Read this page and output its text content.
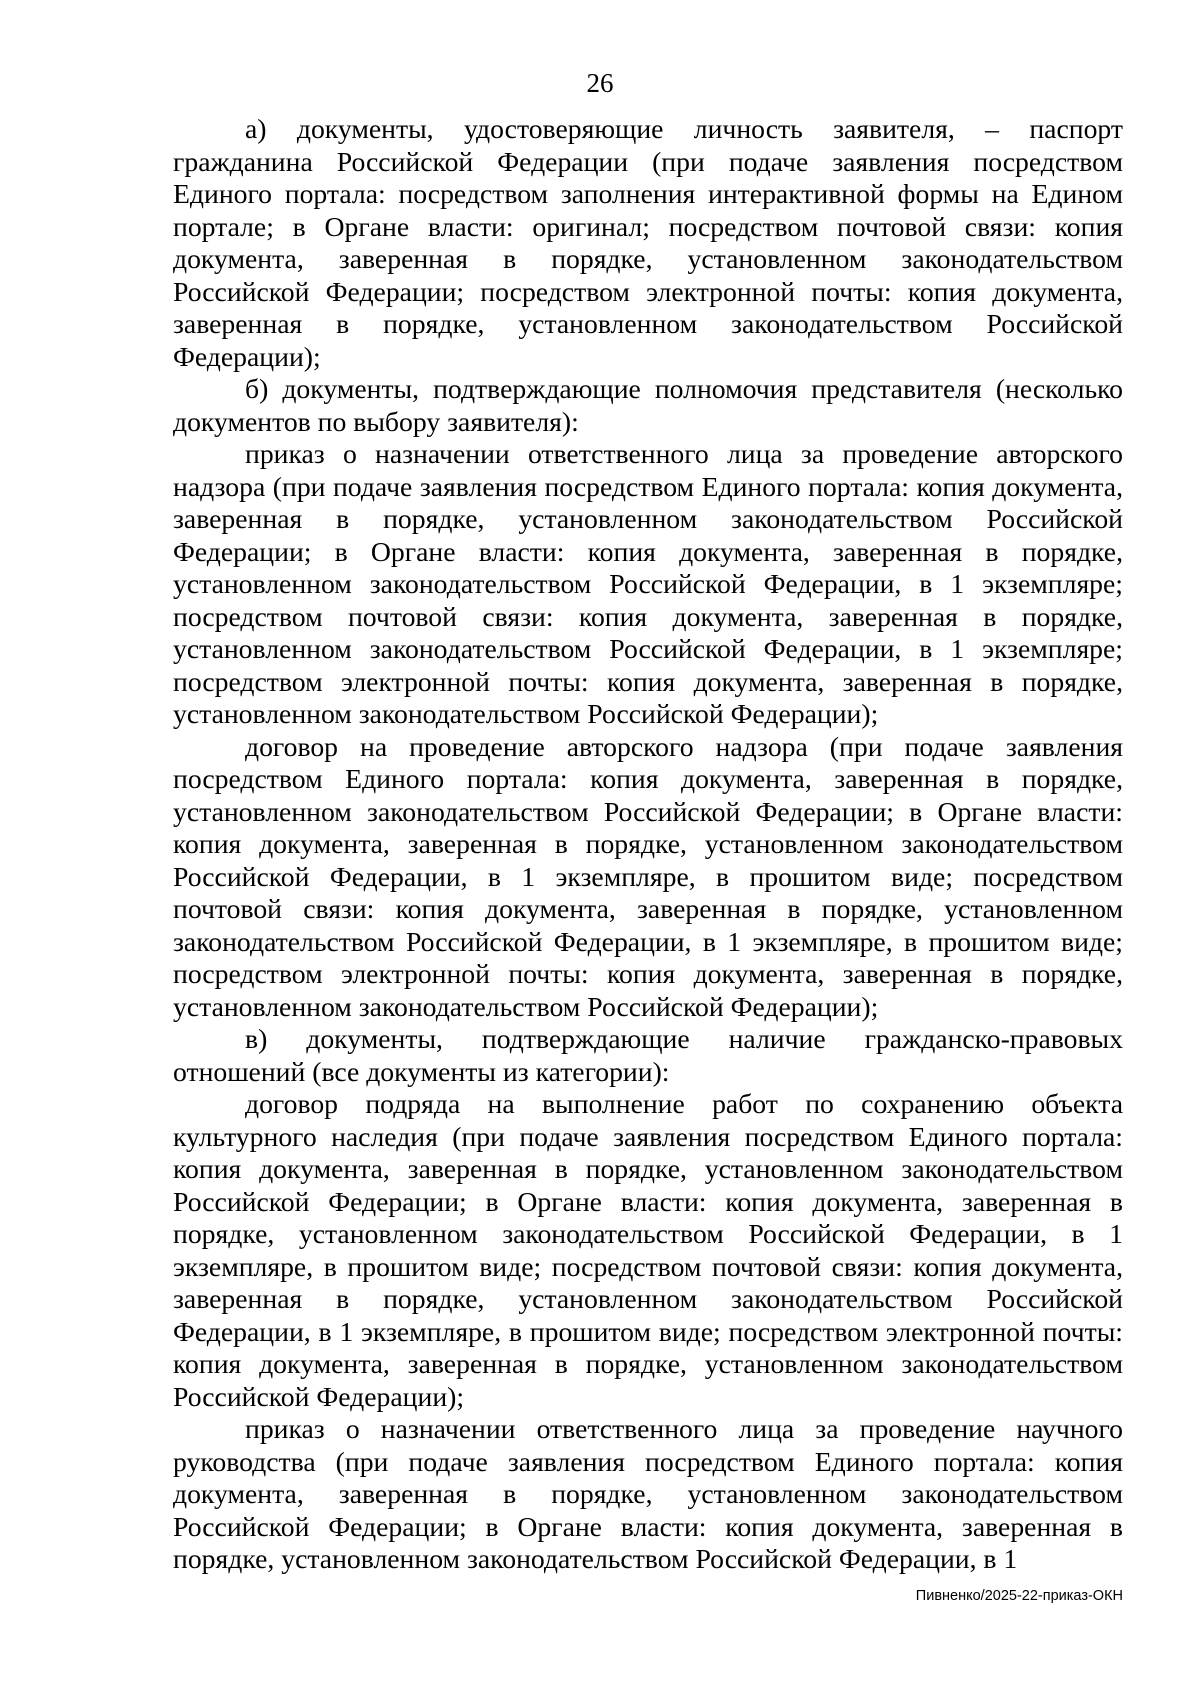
26

а) документы, удостоверяющие личность заявителя, – паспорт гражданина Российской Федерации (при подаче заявления посредством Единого портала: посредством заполнения интерактивной формы на Едином портале; в Органе власти: оригинал; посредством почтовой связи: копия документа, заверенная в порядке, установленном законодательством Российской Федерации; посредством электронной почты: копия документа, заверенная в порядке, установленном законодательством Российской Федерации);

б) документы, подтверждающие полномочия представителя (несколько документов по выбору заявителя):

приказ о назначении ответственного лица за проведение авторского надзора (при подаче заявления посредством Единого портала: копия документа, заверенная в порядке, установленном законодательством Российской Федерации; в Органе власти: копия документа, заверенная в порядке, установленном законодательством Российской Федерации, в 1 экземпляре; посредством почтовой связи: копия документа, заверенная в порядке, установленном законодательством Российской Федерации, в 1 экземпляре; посредством электронной почты: копия документа, заверенная в порядке, установленном законодательством Российской Федерации);

договор на проведение авторского надзора (при подаче заявления посредством Единого портала: копия документа, заверенная в порядке, установленном законодательством Российской Федерации; в Органе власти: копия документа, заверенная в порядке, установленном законодательством Российской Федерации, в 1 экземпляре, в прошитом виде; посредством почтовой связи: копия документа, заверенная в порядке, установленном законодательством Российской Федерации, в 1 экземпляре, в прошитом виде; посредством электронной почты: копия документа, заверенная в порядке, установленном законодательством Российской Федерации);

в) документы, подтверждающие наличие гражданско-правовых отношений (все документы из категории):

договор подряда на выполнение работ по сохранению объекта культурного наследия (при подаче заявления посредством Единого портала: копия документа, заверенная в порядке, установленном законодательством Российской Федерации; в Органе власти: копия документа, заверенная в порядке, установленном законодательством Российской Федерации, в 1 экземпляре, в прошитом виде; посредством почтовой связи: копия документа, заверенная в порядке, установленном законодательством Российской Федерации, в 1 экземпляре, в прошитом виде; посредством электронной почты: копия документа, заверенная в порядке, установленном законодательством Российской Федерации);

приказ о назначении ответственного лица за проведение научного руководства (при подаче заявления посредством Единого портала: копия документа, заверенная в порядке, установленном законодательством Российской Федерации; в Органе власти: копия документа, заверенная в порядке, установленном законодательством Российской Федерации, в 1

Пивненко/2025-22-приказ-ОКН
